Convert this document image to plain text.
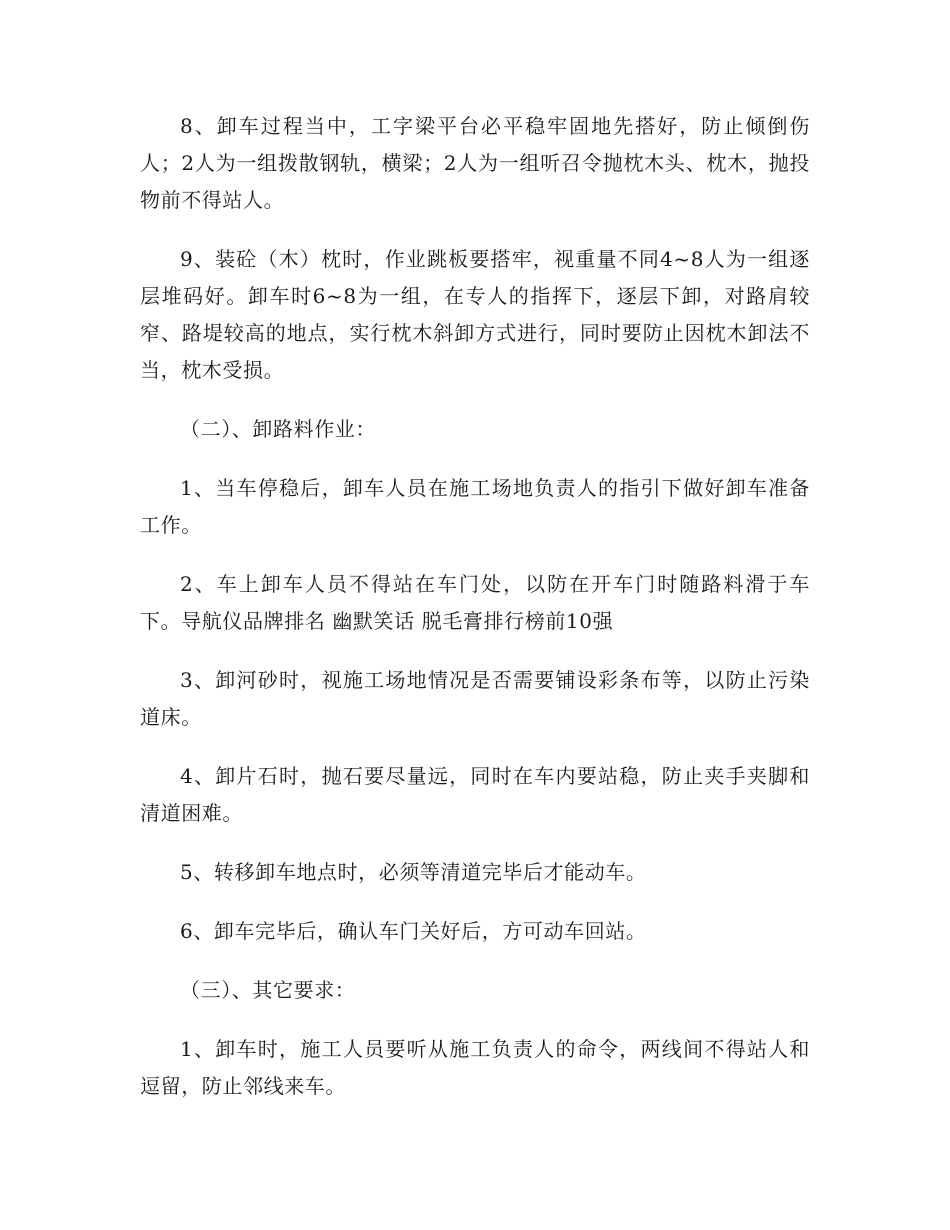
8、卸车过程当中，工字梁平台必平稳牢固地先搭好，防止倾倒伤人；2人为一组拨散钢轨，横梁；2人为一组听召令抛枕木头、枕木，抛投物前不得站人。

9、装砼（木）枕时，作业跳板要搭牢，视重量不同4~8人为一组逐层堆码好。卸车时6~8为一组，在专人的指挥下，逐层下卸，对路肩较窄、路堤较高的地点，实行枕木斜卸方式进行，同时要防止因枕木卸法不当，枕木受损。

（二）、卸路料作业：

1、当车停稳后，卸车人员在施工场地负责人的指引下做好卸车准备工作。

2、车上卸车人员不得站在车门处，以防在开车门时随路料滑于车下。导航仪品牌排名 幽默笑话 脱毛膏排行榜前10强

3、卸河砂时，视施工场地情况是否需要铺设彩条布等，以防止污染道床。

4、卸片石时，抛石要尽量远，同时在车内要站稳，防止夹手夹脚和清道困难。

5、转移卸车地点时，必须等清道完毕后才能动车。

6、卸车完毕后，确认车门关好后，方可动车回站。

（三）、其它要求：

1、卸车时，施工人员要听从施工负责人的命令，两线间不得站人和逗留，防止邻线来车。
